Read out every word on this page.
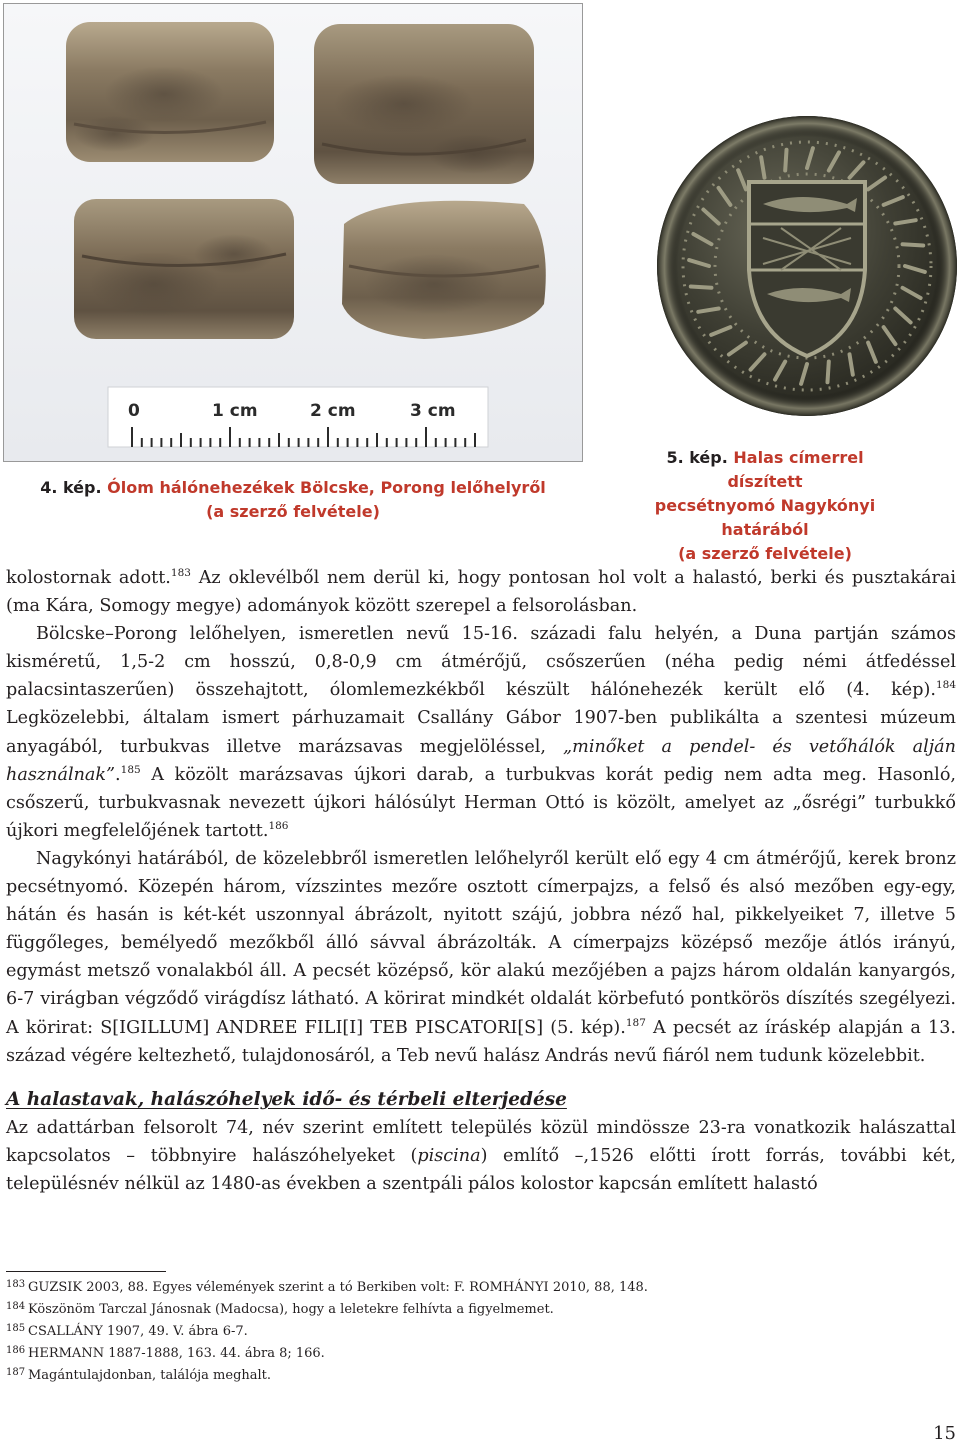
0	1 cm	2 cm	3 cm
4. kép. Ólom hálónehezékek Bölcske, Porong lelőhelyről
(a szerző felvétele)
5. kép. Halas címerrel díszített
pecsétnyomó Nagykónyi határából
(a szerző felvétele)

kolostornak adott.$^{183}$ Az oklevélből nem derül ki, hogy pontosan hol volt a halastó, berki és pusztakárai (ma Kára, Somogy megye) adományok között szerepel a felsorolásban.

Bölcske–Porong lelőhelyen, ismeretlen nevű 15-16. századi falu helyén, a Duna partján számos kisméretű, 1,5-2 cm hosszú, 0,8-0,9 cm átmérőjű, csőszerűen (néha pedig némi átfedéssel palacsintaszerűen) összehajtott, ólomlemezkékből készült hálónehezék került elő (4. kép).$^{184}$ Legközelebbi, általam ismert párhuzamait Csallány Gábor 1907-ben publikálta a szentesi múzeum anyagából, turbukvas illetve marázsavas megjelöléssel, „minőket a pendel- és vetőhálók alján használnak”.$^{185}$ A közölt marázsavas újkori darab, a turbukvas korát pedig nem adta meg. Hasonló, csőszerű, turbukvasnak nevezett újkori hálósúlyt Herman Ottó is közölt, amelyet az „ősrégi” turbukkő újkori megfelelőjének tartott.$^{186}$

Nagykónyi határából, de közelebbről ismeretlen lelőhelyről került elő egy 4 cm átmérőjű, kerek bronz pecsétnyomó. Közepén három, vízszintes mezőre osztott címerpajzs, a felső és alsó mezőben egy-egy, hátán és hasán is két-két uszonnyal ábrázolt, nyitott szájú, jobbra néző hal, pikkelyeiket 7, illetve 5 függőleges, bemélyedő mezőkből álló sávval ábrázolták. A címerpajzs középső mezője átlós irányú, egymást metsző vonalakból áll. A pecsét középső, kör alakú mezőjében a pajzs három oldalán kanyargós, 6-7 virágban végződő virágdísz látható. A körirat mindkét oldalát körbefutó pontkörös díszítés szegélyezi. A körirat: S[IGILLUM] ANDREE FILI[I] TEB PISCATORI[S] (5. kép).$^{187}$ A pecsét az íráskép alapján a 13. század végére keltezhető, tulajdonosáról, a Teb nevű halász András nevű fiáról nem tudunk közelebbit.

A halastavak, halászóhelyek idő- és térbeli elterjedése

Az adattárban felsorolt 74, név szerint említett település közül mindössze 23-ra vonatkozik halászattal kapcsolatos – többnyire halászóhelyeket (piscina) említő –,1526 előtti írott forrás, további két, településnév nélkül az 1480-as években a szentpáli pálos kolostor kapcsán említett halastó

183 GUZSIK 2003, 88. Egyes vélemények szerint a tó Berkiben volt: F. ROMHÁNYI 2010, 88, 148.
184 Köszönöm Tarczal Jánosnak (Madocsa), hogy a leletekre felhívta a figyelmemet.
185 CSALLÁNY 1907, 49. V. ábra 6-7.
186 HERMANN 1887-1888, 163. 44. ábra 8; 166.
187 Magántulajdonban, találója meghalt.
15
